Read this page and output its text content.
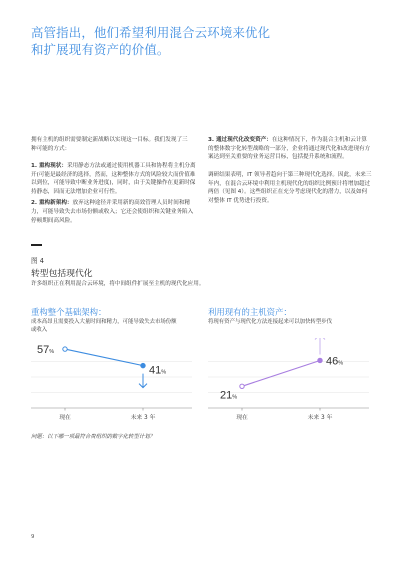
高管指出，他们希望利用混合云环境来优化和扩展现有资产的价值。
拥有主机的组织需要制定新战略以实现这一目标。我们发现了三种可能的方式：
1. 重构现状：采用静态方法或通过使用机器工具和协程将主机分离开(可能是最经济的选择，然而，这种整体方式的风险较大而价值难以到位，可能导致中断业务进度)，同时，由于关键操作在更新时保持静态，因而无法增加企业可行性。
2. 重构新架构：放弃这种途径并采用新的高效管理人员时间和精力，可能导致失去市场份额或收入；它还会使组织和关键业务陷入停顿期间高风险。
3. 通过现代化改变资产：在这种情况下，作为混合主机和云计算的整体数字化转型战略的一部分，企业将通过现代化和改进现有方案达到至关重要的业务运营目标，包括提升系统和流程。
调研结果表明，IT 领导者趋向于第三种现代化选择。因此，未来三年内，在混合云环境中利用主机现代化的组织比例预计将增加超过两倍（见图 4）。这些组织正在充分考虑现代化的潜力，以及如何对整体 IT 优势进行投资。
图 4
转型包括现代化
许多组织正在利用混合云环境，将中间组件扩展至主机的现代化应用。
重构整个基础架构：
成本高昂且需要投入大量时间和精力，可能导致失去市场份额或收入
利用现有的主机资产：
将现有资产与现代化方法连接起来可以加快转型步伐
57%
41%
现在	未来 3 年
21%
46%
现在	未来 3 年
问题：以下哪一项最符合贵组织的数字化转型计划？
9
